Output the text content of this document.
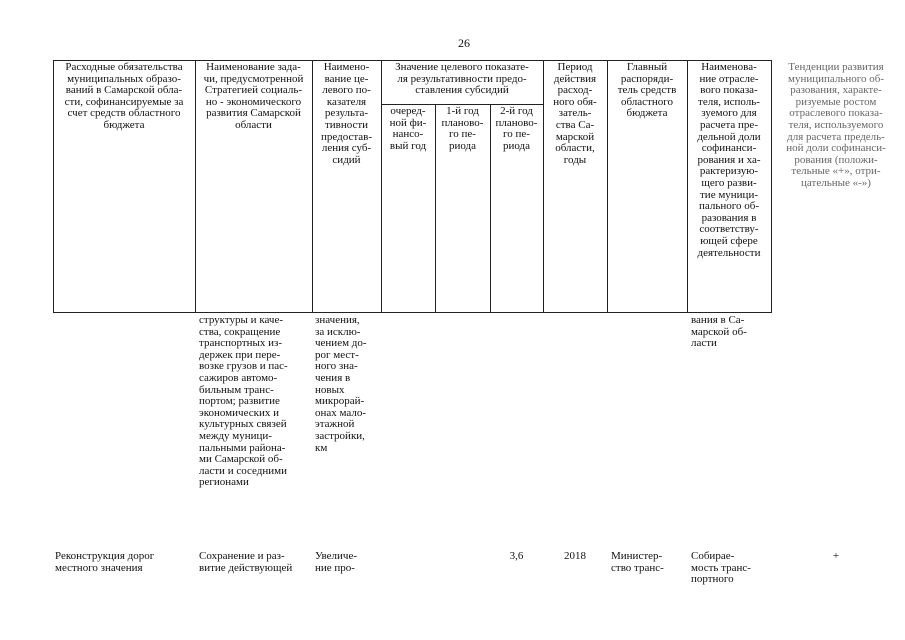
26
Расходные обязательства
муниципальных образо-
ваний в Самарской обла-
сти, софинансируемые за
счет средств областного
бюджета
Наименование зада-
чи, предусмотренной
Стратегией социаль-
но - экономического
развития Самарской
области
Наимено-
вание це-
левого по-
казателя
результа-
тивности
предостав-
ления суб-
сидий
Значение целевого показате-
ля результативности предо-
ставления субсидий
очеред-
ной фи-
нансо-
вый год
1-й год
планово-
го пе-
риода
2-й год
планово-
го пе-
риода
Период
действия
расход-
ного обя-
затель-
ства Са-
марской
области,
годы
Главный
распоряди-
тель средств
областного
бюджета
Наименова-
ние отрасле-
вого показа-
теля, исполь-
зуемого для
расчета пре-
дельной доли
софинанси-
рования и ха-
рактеризую-
щего разви-
тие муници-
пального об-
разования в
соответству-
ющей сфере
деятельности
Тенденции развития
муниципального об-
разования, характе-
ризуемые ростом
отраслевого показа-
теля, используемого
для расчета предель-
ной доли софинанси-
рования (положи-
тельные «+», отри-
цательные «-»)
структуры и каче-
ства, сокращение
транспортных из-
держек при пере-
возке грузов и пас-
сажиров автомо-
бильным транс-
портом; развитие
экономических и
культурных связей
между муници-
пальными района-
ми Самарской об-
ласти и соседними
регионами
значения,
за исклю-
чением до-
рог мест-
ного зна-
чения в
новых
микрорай-
онах мало-
этажной
застройки,
км
вания в Са-
марской об-
ласти
Реконструкция дорог
местного значения
Сохранение и раз-
витие действующей
Увеличе-
ние про-
3,6	2018	Министер-
ство транс-
Собирае-
мость транс-
портного
+
